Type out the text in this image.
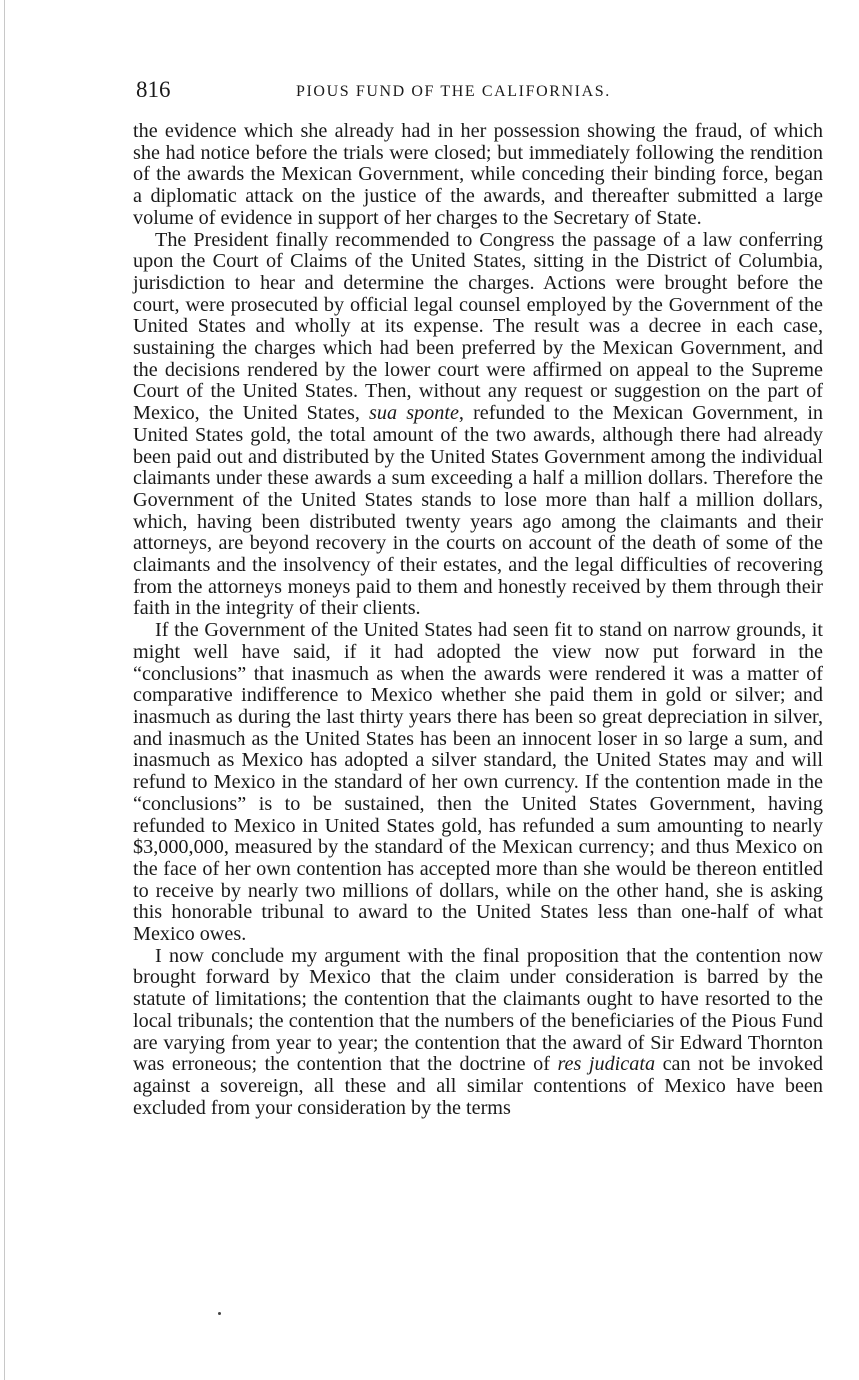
816	PIOUS FUND OF THE CALIFORNIAS.

the evidence which she already had in her possession showing the fraud, of which she had notice before the trials were closed; but immediately following the rendition of the awards the Mexican Government, while conceding their binding force, began a diplomatic attack on the justice of the awards, and thereafter submitted a large volume of evidence in support of her charges to the Secretary of State.

The President finally recommended to Congress the passage of a law conferring upon the Court of Claims of the United States, sitting in the District of Columbia, jurisdiction to hear and determine the charges. Actions were brought before the court, were prosecuted by official legal counsel employed by the Government of the United States and wholly at its expense. The result was a decree in each case, sustaining the charges which had been preferred by the Mexican Government, and the decisions rendered by the lower court were affirmed on appeal to the Supreme Court of the United States. Then, without any request or suggestion on the part of Mexico, the United States, sua sponte, refunded to the Mexican Government, in United States gold, the total amount of the two awards, although there had already been paid out and distributed by the United States Government among the individual claimants under these awards a sum exceeding a half a million dollars. Therefore the Government of the United States stands to lose more than half a million dollars, which, having been distributed twenty years ago among the claimants and their attorneys, are beyond recovery in the courts on account of the death of some of the claimants and the insolvency of their estates, and the legal difficulties of recovering from the attorneys moneys paid to them and honestly received by them through their faith in the integrity of their clients.

If the Government of the United States had seen fit to stand on narrow grounds, it might well have said, if it had adopted the view now put forward in the “conclusions” that inasmuch as when the awards were rendered it was a matter of comparative indifference to Mexico whether she paid them in gold or silver; and inasmuch as during the last thirty years there has been so great depreciation in silver, and inasmuch as the United States has been an innocent loser in so large a sum, and inasmuch as Mexico has adopted a silver standard, the United States may and will refund to Mexico in the standard of her own currency. If the contention made in the “conclusions” is to be sustained, then the United States Government, having refunded to Mexico in United States gold, has refunded a sum amounting to nearly $3,000,000, measured by the standard of the Mexican currency; and thus Mexico on the face of her own contention has accepted more than she would be thereon entitled to receive by nearly two millions of dollars, while on the other hand, she is asking this honorable tribunal to award to the United States less than one-half of what Mexico owes.

I now conclude my argument with the final proposition that the contention now brought forward by Mexico that the claim under consideration is barred by the statute of limitations; the contention that the claimants ought to have resorted to the local tribunals; the contention that the numbers of the beneficiaries of the Pious Fund are varying from year to year; the contention that the award of Sir Edward Thornton was erroneous; the contention that the doctrine of res judicata can not be invoked against a sovereign, all these and all similar contentions of Mexico have been excluded from your consideration by the terms
